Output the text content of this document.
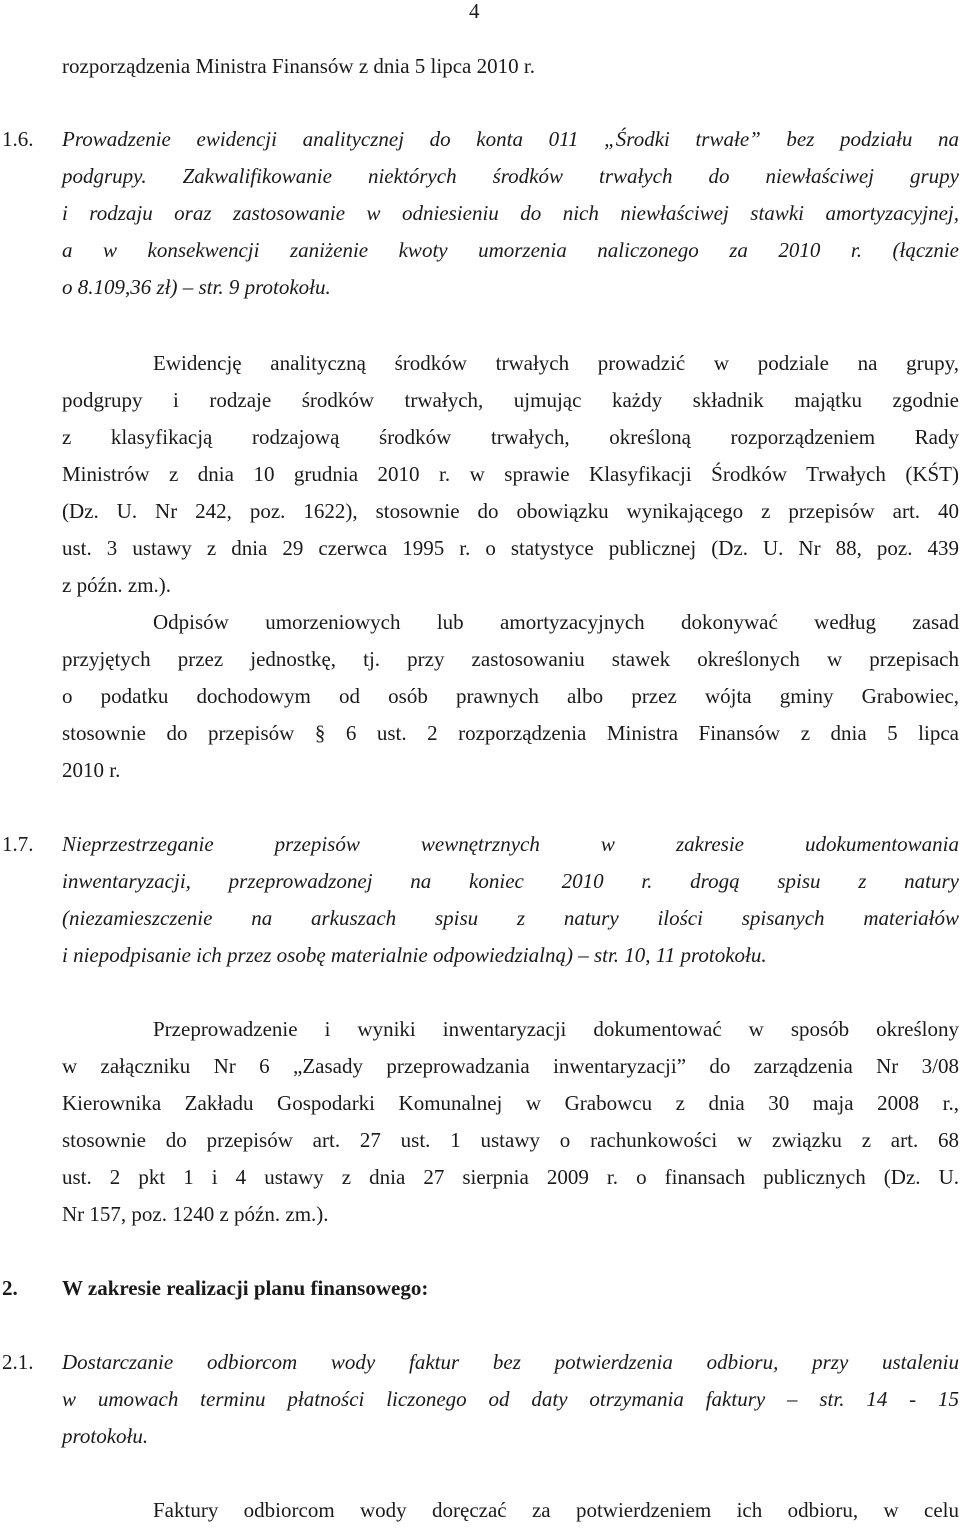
4

rozporządzenia Ministra Finansów z dnia 5 lipca 2010 r.

1.6.	Prowadzenie ewidencji analitycznej do konta 011 „Środki trwałe” bez podziału na

podgrupy. Zakwalifikowanie niektórych środków trwałych do niewłaściwej grupy

i rodzaju oraz zastosowanie w odniesieniu do nich niewłaściwej stawki amortyzacyjnej,

a w konsekwencji zaniżenie kwoty umorzenia naliczonego za 2010 r. (łącznie

o 8.109,36 zł) – str. 9 protokołu.

Ewidencję analityczną środków trwałych prowadzić w podziale na grupy,

podgrupy i rodzaje środków trwałych, ujmując każdy składnik majątku zgodnie

z klasyfikacją rodzajową środków trwałych, określoną rozporządzeniem Rady

Ministrów z dnia 10 grudnia 2010 r. w sprawie Klasyfikacji Środków Trwałych (KŚT)

(Dz. U. Nr 242, poz. 1622), stosownie do obowiązku wynikającego z przepisów art. 40

ust. 3 ustawy z dnia 29 czerwca 1995 r. o statystyce publicznej (Dz. U. Nr 88, poz. 439

z późn. zm.).

Odpisów umorzeniowych lub amortyzacyjnych dokonywać według zasad

przyjętych przez jednostkę, tj. przy zastosowaniu stawek określonych w przepisach

o podatku dochodowym od osób prawnych albo przez wójta gminy Grabowiec,

stosownie do przepisów § 6 ust. 2 rozporządzenia Ministra Finansów z dnia 5 lipca

2010 r.

1.7.	Nieprzestrzeganie przepisów wewnętrznych w zakresie udokumentowania

inwentaryzacji, przeprowadzonej na koniec 2010 r. drogą spisu z natury

(niezamieszczenie na arkuszach spisu z natury ilości spisanych materiałów

i niepodpisanie ich przez osobę materialnie odpowiedzialną) – str. 10, 11 protokołu.

Przeprowadzenie i wyniki inwentaryzacji dokumentować w sposób określony

w załączniku Nr 6 „Zasady przeprowadzania inwentaryzacji” do zarządzenia Nr 3/08

Kierownika Zakładu Gospodarki Komunalnej w Grabowcu z dnia 30 maja 2008 r.,

stosownie do przepisów art. 27 ust. 1 ustawy o rachunkowości w związku z art. 68

ust. 2 pkt 1 i 4 ustawy z dnia 27 sierpnia 2009 r. o finansach publicznych (Dz. U.

Nr 157, poz. 1240 z późn. zm.).

2.	W zakresie realizacji planu finansowego:

2.1.	Dostarczanie odbiorcom wody faktur bez potwierdzenia odbioru, przy ustaleniu

w umowach terminu płatności liczonego od daty otrzymania faktury – str. 14 - 15

protokołu.

Faktury odbiorcom wody doręczać za potwierdzeniem ich odbioru, w celu
